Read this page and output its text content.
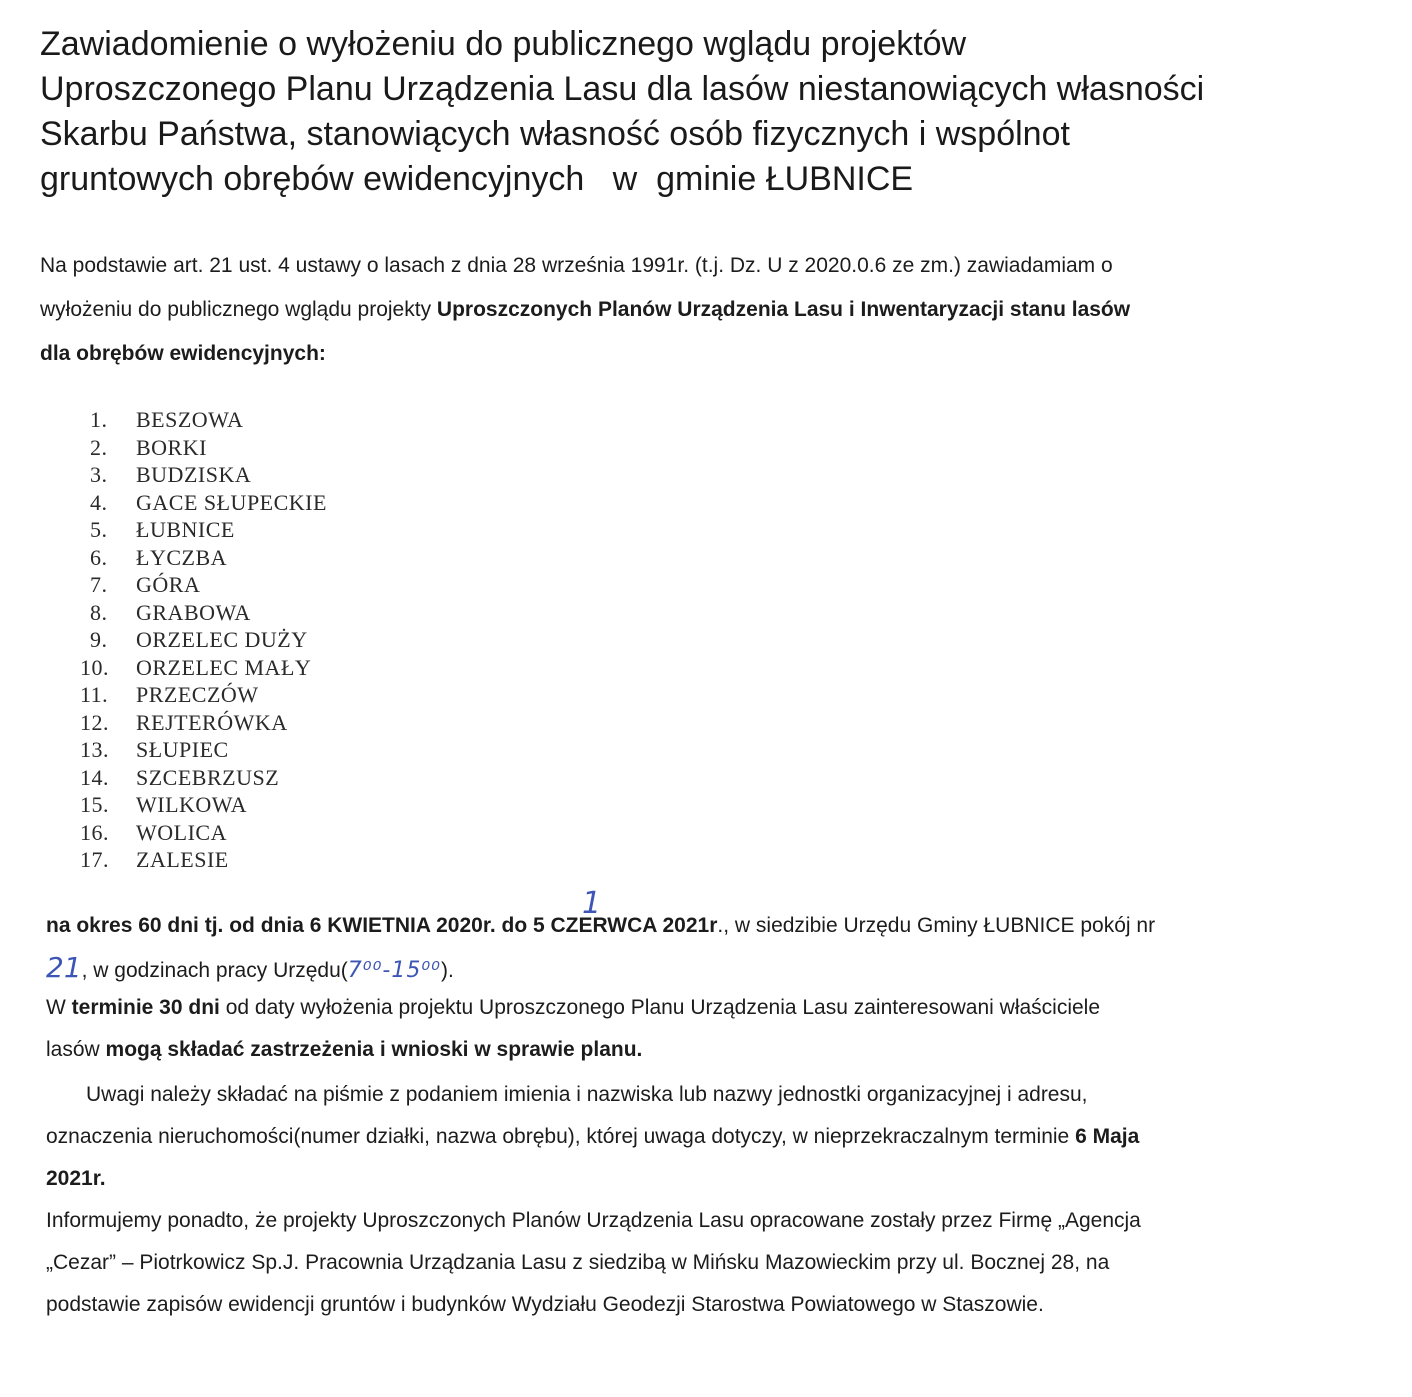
Zawiadomienie o wyłożeniu do publicznego wglądu projektów
Uproszczonego Planu Urządzenia Lasu dla lasów niestanowiących własności
Skarbu Państwa, stanowiących własność osób fizycznych i wspólnot
gruntowych obrębów ewidencyjnych   w  gminie ŁUBNICE

Na podstawie art. 21 ust. 4 ustawy o lasach z dnia 28 września 1991r. (t.j. Dz. U z 2020.0.6 ze zm.) zawiadamiam o
wyłożeniu do publicznego wglądu projekty Uproszczonych Planów Urządzenia Lasu i Inwentaryzacji stanu lasów
dla obrębów ewidencyjnych:

1.	BESZOWA
2.	BORKI
3.	BUDZISKA
4.	GACE SŁUPECKIE
5.	ŁUBNICE
6.	ŁYCZBA
7.	GÓRA
8.	GRABOWA
9.	ORZELEC DUŻY
10.	ORZELEC MAŁY
11.	PRZECZÓW
12.	REJTERÓWKA
13.	SŁUPIEC
14.	SZCEBRZUSZ
15.	WILKOWA
16.	WOLICA
17.	ZALESIE

na okres 60 dni tj. od dnia 6 KWIETNIA 2020r. do 5 CZERWCA 2021r., w siedzibie Urzędu Gminy ŁUBNICE pokój nr
1
21, w godzinach pracy Urzędu(7⁰⁰-15⁰⁰).

W terminie 30 dni od daty wyłożenia projektu Uproszczonego Planu Urządzenia Lasu zainteresowani właściciele
lasów mogą składać zastrzeżenia i wnioski w sprawie planu.

Uwagi należy składać na piśmie z podaniem imienia i nazwiska lub nazwy jednostki organizacyjnej i adresu,
oznaczenia nieruchomości(numer działki, nazwa obrębu), której uwaga dotyczy, w nieprzekraczalnym terminie 6 Maja
2021r.

Informujemy ponadto, że projekty Uproszczonych Planów Urządzenia Lasu opracowane zostały przez Firmę „Agencja
„Cezar” – Piotrkowicz Sp.J. Pracownia Urządzania Lasu z siedzibą w Mińsku Mazowieckim przy ul. Bocznej 28, na
podstawie zapisów ewidencji gruntów i budynków Wydziału Geodezji Starostwa Powiatowego w Staszowie.
